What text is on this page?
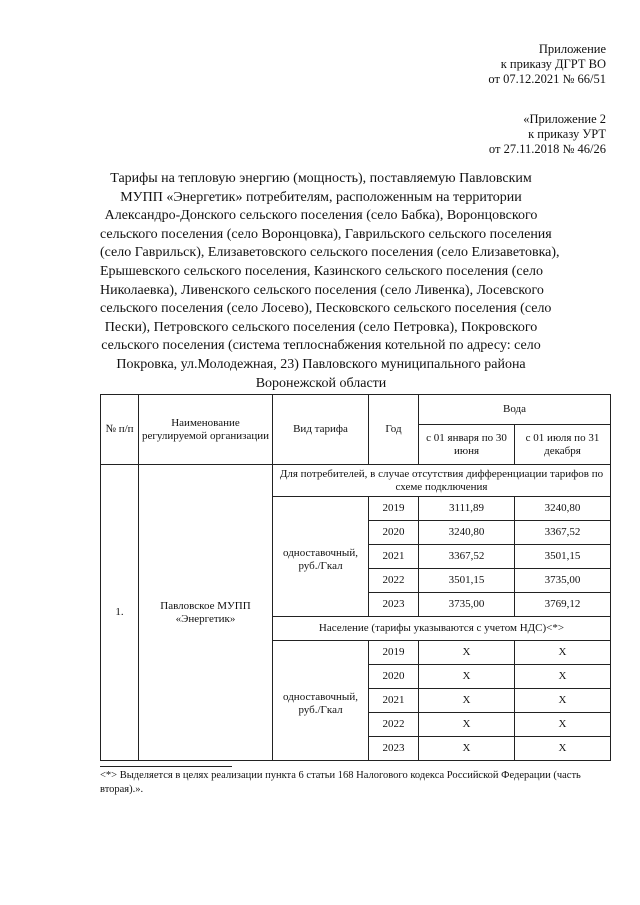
Приложение
к приказу ДГРТ ВО
от 07.12.2021 № 66/51
«Приложение 2
к приказу УРТ
от 27.11.2018 № 46/26
Тарифы на тепловую энергию (мощность), поставляемую Павловским
МУПП «Энергетик» потребителям, расположенным на территории
Александро-Донского сельского поселения (село Бабка), Воронцовского
сельского поселения (село Воронцовка), Гаврильского сельского поселения
(село Гаврильск), Елизаветовского сельского поселения (село Елизаветовка),
Ерышевского сельского поселения, Казинского сельского поселения (село
Николаевка), Ливенского сельского поселения (село Ливенка), Лосевского
сельского поселения (село Лосево), Песковского сельского поселения (село
Пески), Петровского сельского поселения (село Петровка), Покровского
сельского поселения (система теплоснабжения котельной по адресу: село
Покровка, ул.Молодежная, 23) Павловского муниципального района
Воронежской области
№ п/п	Наименование регулируемой организации	Вид тарифа	Год	Вода	
				с 01 января по 30 июня	с 01 июля по 31 декабря
1.	Павловское МУПП «Энергетик»	Для потребителей, в случае отсутствия дифференциации тарифов по схеме подключения			
		одноставочный, руб./Гкал	2019	3111,89	3240,80
			2020	3240,80	3367,52
			2021	3367,52	3501,15
			2022	3501,15	3735,00
			2023	3735,00	3769,12
		Население (тарифы указываются с учетом НДС)<*>			
		одноставочный, руб./Гкал	2019	Х	Х
			2020	Х	Х
			2021	Х	Х
			2022	Х	Х
			2023	Х	Х
<*> Выделяется в целях реализации пункта 6 статьи 168 Налогового кодекса Российской Федерации (часть вторая).».
